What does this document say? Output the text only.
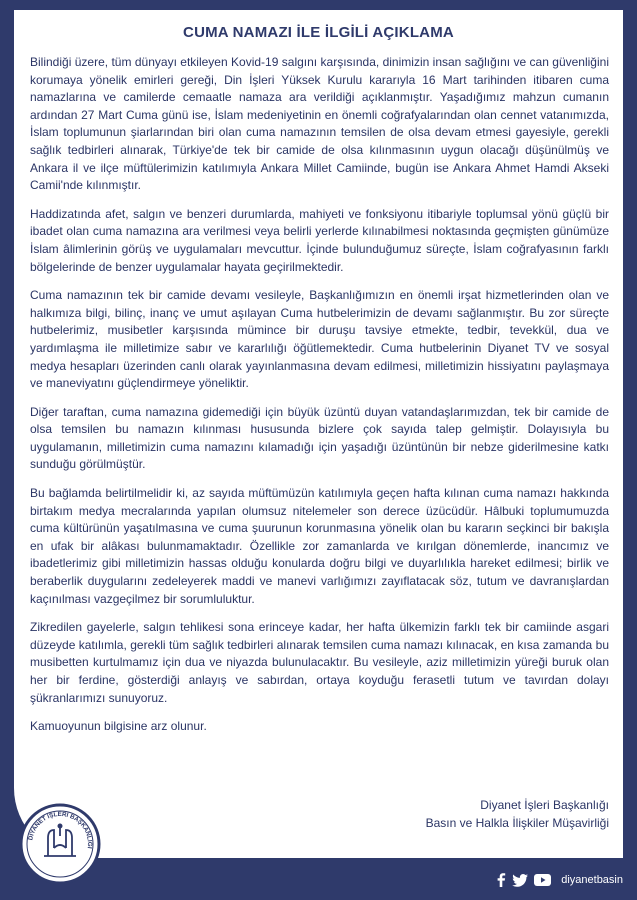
CUMA NAMAZI İLE İLGİLİ AÇIKLAMA

Bilindiği üzere, tüm dünyayı etkileyen Kovid-19 salgını karşısında, dinimizin insan sağlığını ve can güvenliğini korumaya yönelik emirleri gereği, Din İşleri Yüksek Kurulu kararıyla 16 Mart tarihinden itibaren cuma namazlarına ve camilerde cemaatle namaza ara verildiği açıklanmıştır. Yaşadığımız mahzun cumanın ardından 27 Mart Cuma günü ise, İslam medeniyetinin en önemli coğrafyalarından olan cennet vatanımızda, İslam toplumunun şiarlarından biri olan cuma namazının temsilen de olsa devam etmesi gayesiyle, gerekli sağlık tedbirleri alınarak, Türkiye'de tek bir camide de olsa kılınmasının uygun olacağı düşünülmüş ve Ankara il ve ilçe müftülerimizin katılımıyla Ankara Millet Camiinde, bugün ise Ankara Ahmet Hamdi Akseki Camii'nde kılınmıştır.

Haddizatında afet, salgın ve benzeri durumlarda, mahiyeti ve fonksiyonu itibariyle toplumsal yönü güçlü bir ibadet olan cuma namazına ara verilmesi veya belirli yerlerde kılınabilmesi noktasında geçmişten günümüze İslam âlimlerinin görüş ve uygulamaları mevcuttur. İçinde bulunduğumuz süreçte, İslam coğrafyasının farklı bölgelerinde de benzer uygulamalar hayata geçirilmektedir.

Cuma namazının tek bir camide devamı vesileyle, Başkanlığımızın en önemli irşat hizmetlerinden olan ve halkımıza bilgi, bilinç, inanç ve umut aşılayan Cuma hutbelerimizin de devamı sağlanmıştır. Bu zor süreçte hutbelerimiz, musibetler karşısında mümince bir duruşu tavsiye etmekte, tedbir, tevekkül, dua ve yardımlaşma ile milletimize sabır ve kararlılığı öğütlemektedir. Cuma hutbelerinin Diyanet TV ve sosyal medya hesapları üzerinden canlı olarak yayınlanmasına devam edilmesi, milletimizin hissiyatını paylaşmaya ve maneviyatını güçlendirmeye yöneliktir.

Diğer taraftan, cuma namazına gidemediği için büyük üzüntü duyan vatandaşlarımızdan, tek bir camide de olsa temsilen bu namazın kılınması hususunda bizlere çok sayıda talep gelmiştir. Dolayısıyla bu uygulamanın, milletimizin cuma namazını kılamadığı için yaşadığı üzüntünün bir nebze giderilmesine katkı sunduğu görülmüştür.

Bu bağlamda belirtilmelidir ki, az sayıda müftümüzün katılımıyla geçen hafta kılınan cuma namazı hakkında birtakım medya mecralarında yapılan olumsuz nitelemeler son derece üzücüdür. Hâlbuki toplumumuzda cuma kültürünün yaşatılmasına ve cuma şuurunun korunmasına yönelik olan bu kararın seçkinci bir bakışla en ufak bir alâkası bulunmamaktadır. Özellikle zor zamanlarda ve kırılgan dönemlerde, inancımız ve ibadetlerimiz gibi milletimizin hassas olduğu konularda doğru bilgi ve duyarlılıkla hareket edilmesi; birlik ve beraberlik duygularını zedeleyerek maddi ve manevi varlığımızı zayıflatacak söz, tutum ve davranışlardan kaçınılması vazgeçilmez bir sorumluluktur.

Zikredilen gayelerle, salgın tehlikesi sona erinceye kadar, her hafta ülkemizin farklı tek bir camiinde asgari düzeyde katılımla, gerekli tüm sağlık tedbirleri alınarak temsilen cuma namazı kılınacak, en kısa zamanda bu musibetten kurtulmamız için dua ve niyazda bulunulacaktır. Bu vesileyle, aziz milletimizin yüreği buruk olan her bir ferdine, gösterdiği anlayış ve sabırdan, ortaya koyduğu ferasetli tutum ve tavırdan dolayı şükranlarımızı sunuyoruz.

Kamuoyunun bilgisine arz olunur.

Diyanet İşleri Başkanlığı
Basın ve Halkla İlişkiler Müşavirliği
DİYANET İŞLERİ BAŞKANLIĞI
diyanetbasin
